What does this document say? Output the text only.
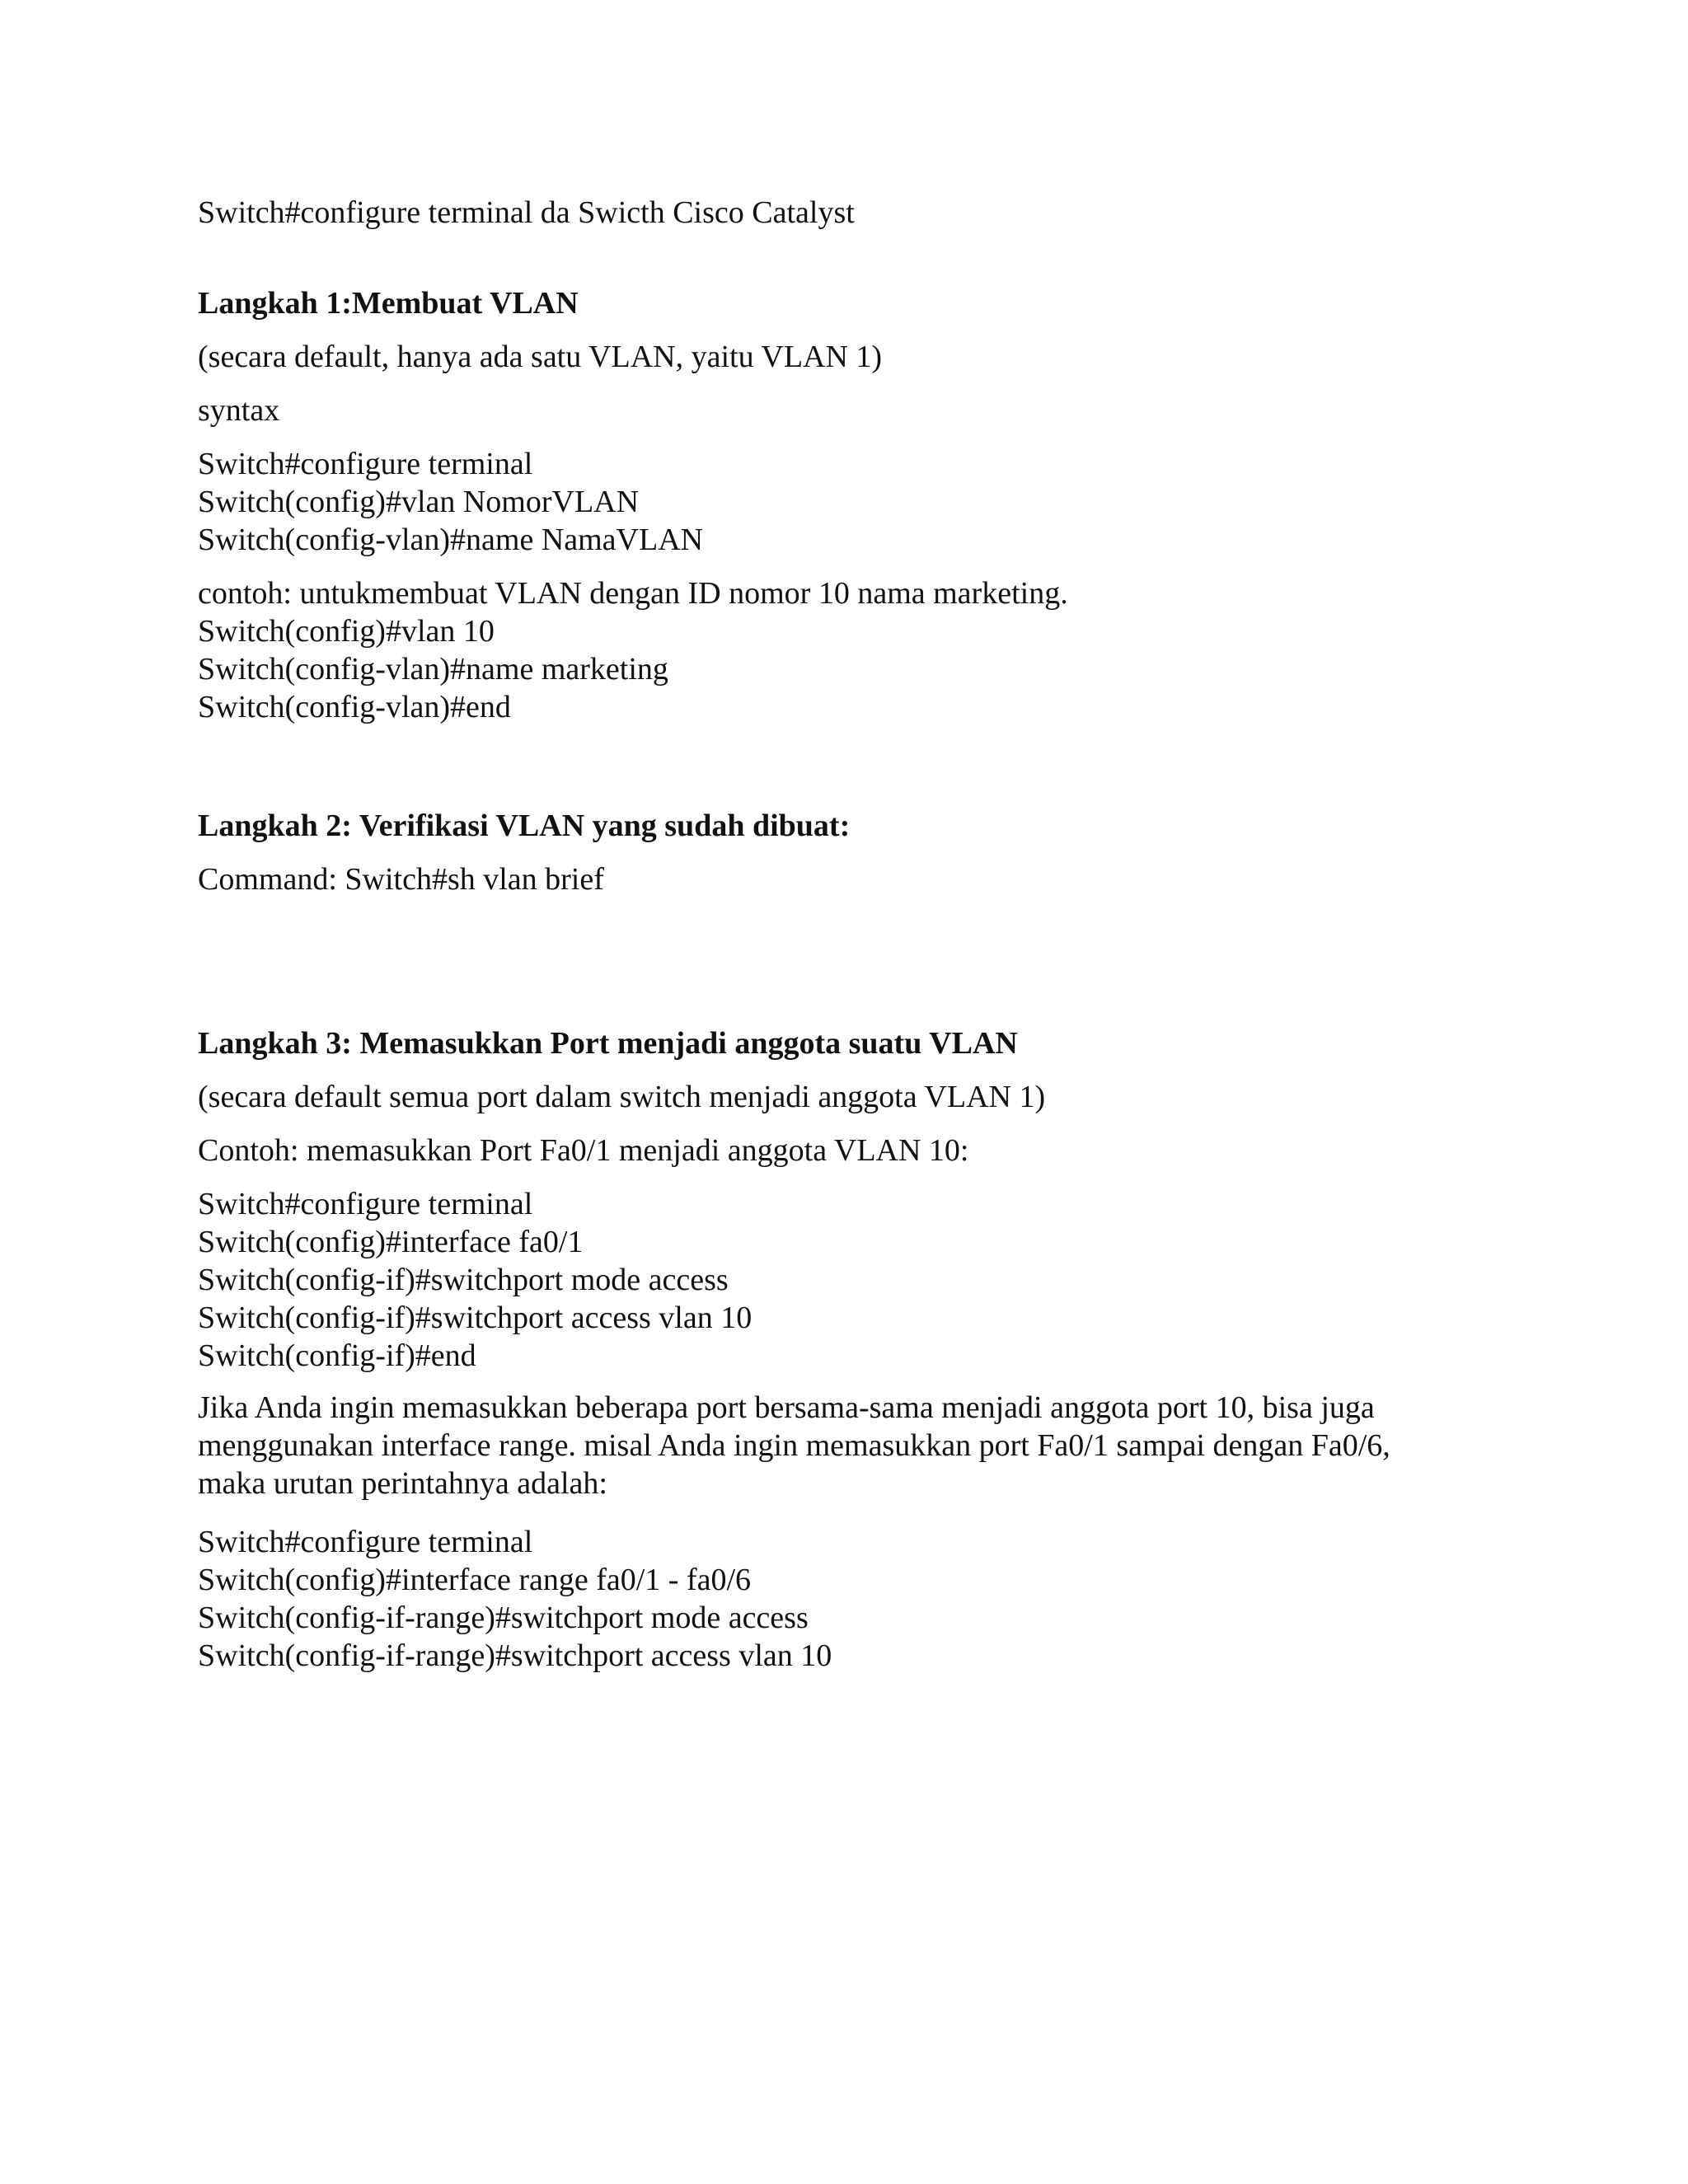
Switch#configure terminal da Swicth Cisco Catalyst
Langkah 1:Membuat VLAN
(secara default, hanya ada satu VLAN, yaitu VLAN 1)
syntax
Switch#configure terminal
Switch(config)#vlan NomorVLAN
Switch(config-vlan)#name NamaVLAN
contoh: untukmembuat VLAN dengan ID nomor 10 nama marketing.
Switch(config)#vlan 10
Switch(config-vlan)#name marketing
Switch(config-vlan)#end
Langkah 2: Verifikasi VLAN yang sudah dibuat:
Command: Switch#sh vlan brief
Langkah 3: Memasukkan Port menjadi anggota suatu VLAN
(secara default semua port dalam switch menjadi anggota VLAN 1)
Contoh: memasukkan Port Fa0/1 menjadi anggota VLAN 10:
Switch#configure terminal
Switch(config)#interface fa0/1
Switch(config-if)#switchport mode access
Switch(config-if)#switchport access vlan 10
Switch(config-if)#end
Jika Anda ingin memasukkan beberapa port bersama-sama menjadi anggota port 10, bisa juga
menggunakan interface range. misal Anda ingin memasukkan port Fa0/1 sampai dengan Fa0/6,
maka urutan perintahnya adalah:
Switch#configure terminal
Switch(config)#interface range fa0/1 - fa0/6
Switch(config-if-range)#switchport mode access
Switch(config-if-range)#switchport access vlan 10
